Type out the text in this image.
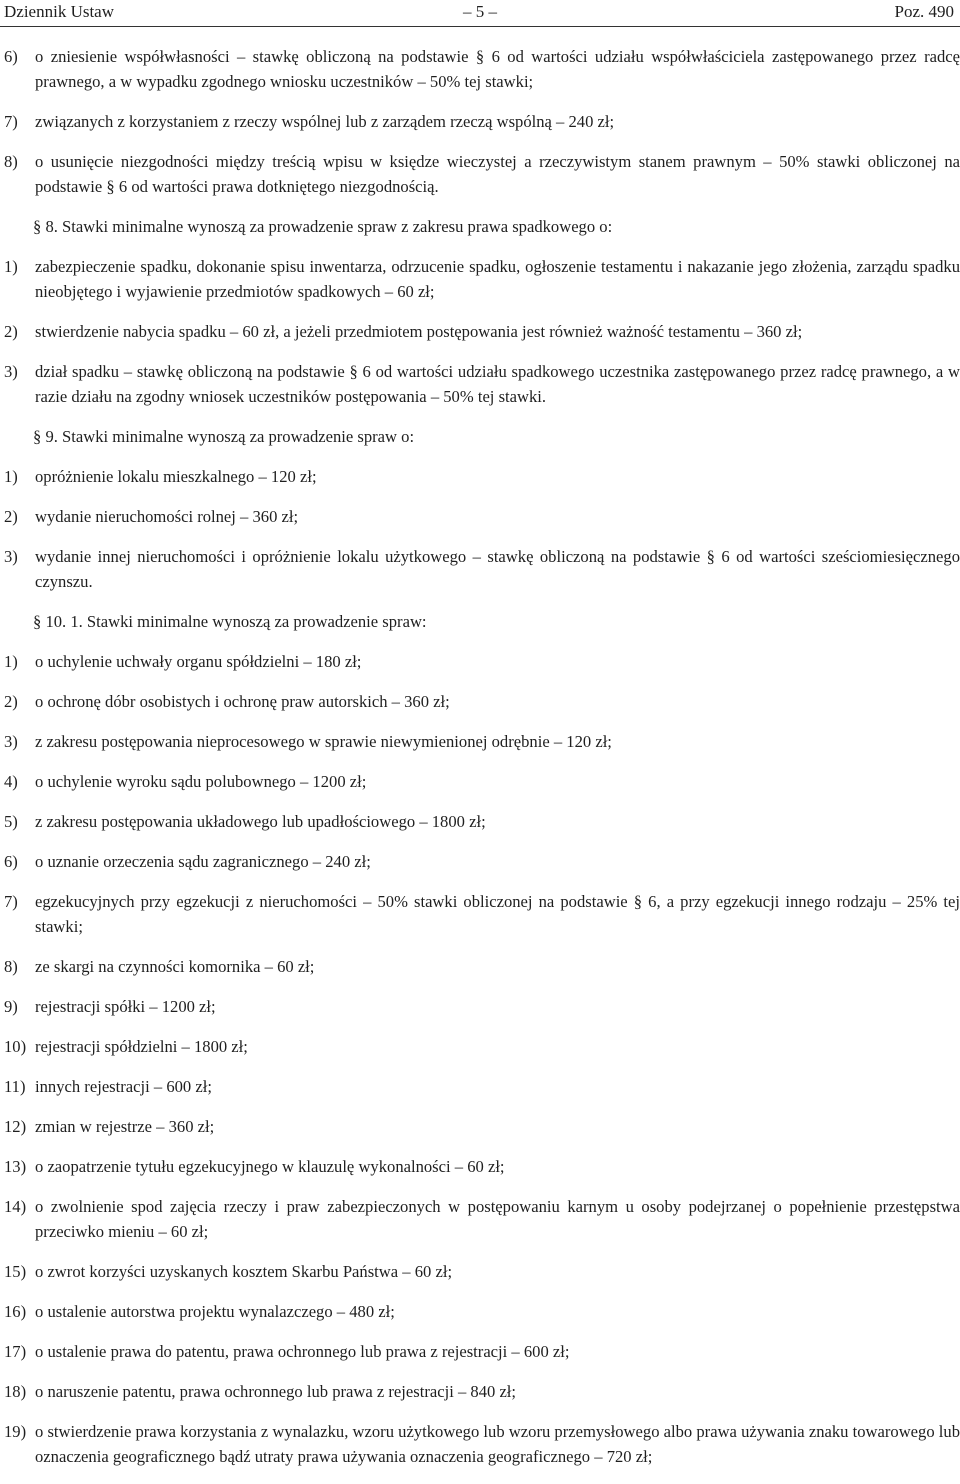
Dziennik Ustaw	– 5 –	Poz. 490
6) o zniesienie współwłasności – stawkę obliczoną na podstawie § 6 od wartości udziału współwłaściciela zastępowanego przez radcę prawnego, a w wypadku zgodnego wniosku uczestników – 50% tej stawki;
7) związanych z korzystaniem z rzeczy wspólnej lub z zarządem rzeczą wspólną – 240 zł;
8) o usunięcie niezgodności między treścią wpisu w księdze wieczystej a rzeczywistym stanem prawnym – 50% stawki obliczonej na podstawie § 6 od wartości prawa dotkniętego niezgodnością.
§ 8. Stawki minimalne wynoszą za prowadzenie spraw z zakresu prawa spadkowego o:
1) zabezpieczenie spadku, dokonanie spisu inwentarza, odrzucenie spadku, ogłoszenie testamentu i nakazanie jego złożenia, zarządu spadku nieobjętego i wyjawienie przedmiotów spadkowych – 60 zł;
2) stwierdzenie nabycia spadku – 60 zł, a jeżeli przedmiotem postępowania jest również ważność testamentu – 360 zł;
3) dział spadku – stawkę obliczoną na podstawie § 6 od wartości udziału spadkowego uczestnika zastępowanego przez radcę prawnego, a w razie działu na zgodny wniosek uczestników postępowania – 50% tej stawki.
§ 9. Stawki minimalne wynoszą za prowadzenie spraw o:
1) opróżnienie lokalu mieszkalnego – 120 zł;
2) wydanie nieruchomości rolnej – 360 zł;
3) wydanie innej nieruchomości i opróżnienie lokalu użytkowego – stawkę obliczoną na podstawie § 6 od wartości sześciomiesięcznego czynszu.
§ 10. 1. Stawki minimalne wynoszą za prowadzenie spraw:
1) o uchylenie uchwały organu spółdzielni – 180 zł;
2) o ochronę dóbr osobistych i ochronę praw autorskich – 360 zł;
3) z zakresu postępowania nieprocesowego w sprawie niewymienionej odrębnie – 120 zł;
4) o uchylenie wyroku sądu polubownego – 1200 zł;
5) z zakresu postępowania układowego lub upadłościowego – 1800 zł;
6) o uznanie orzeczenia sądu zagranicznego – 240 zł;
7) egzekucyjnych przy egzekucji z nieruchomości – 50% stawki obliczonej na podstawie § 6, a przy egzekucji innego rodzaju – 25% tej stawki;
8) ze skargi na czynności komornika – 60 zł;
9) rejestracji spółki – 1200 zł;
10) rejestracji spółdzielni – 1800 zł;
11) innych rejestracji – 600 zł;
12) zmian w rejestrze – 360 zł;
13) o zaopatrzenie tytułu egzekucyjnego w klauzulę wykonalności – 60 zł;
14) o zwolnienie spod zajęcia rzeczy i praw zabezpieczonych w postępowaniu karnym u osoby podejrzanej o popełnienie przestępstwa przeciwko mieniu – 60 zł;
15) o zwrot korzyści uzyskanych kosztem Skarbu Państwa – 60 zł;
16) o ustalenie autorstwa projektu wynalazczego – 480 zł;
17) o ustalenie prawa do patentu, prawa ochronnego lub prawa z rejestracji – 600 zł;
18) o naruszenie patentu, prawa ochronnego lub prawa z rejestracji – 840 zł;
19) o stwierdzenie prawa korzystania z wynalazku, wzoru użytkowego lub wzoru przemysłowego albo prawa używania znaku towarowego lub oznaczenia geograficznego bądź utraty prawa używania oznaczenia geograficznego – 720 zł;
